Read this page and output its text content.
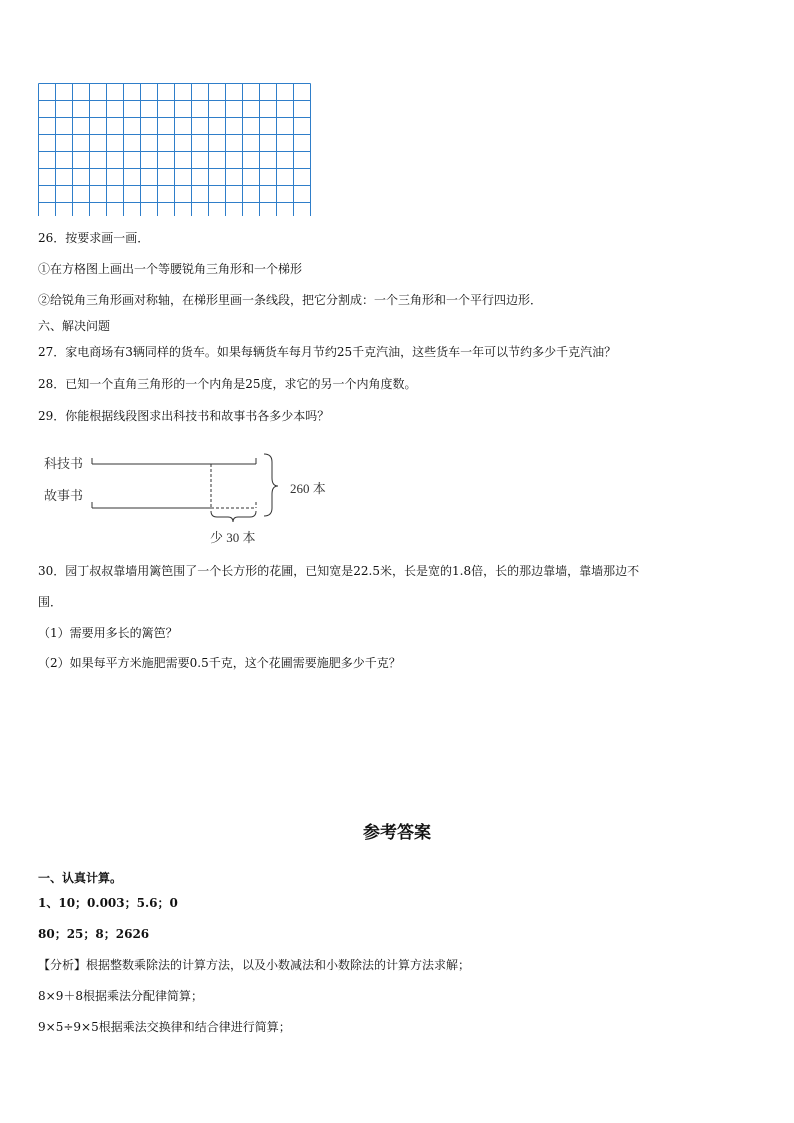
26．按要求画一画．
①在方格图上画出一个等腰锐角三角形和一个梯形
②给锐角三角形画对称轴，在梯形里画一条线段，把它分割成：一个三角形和一个平行四边形．
六、解决问题
27．家电商场有3辆同样的货车。如果每辆货车每月节约25千克汽油，这些货车一年可以节约多少千克汽油？
28．已知一个直角三角形的一个内角是25度，求它的另一个内角度数。
29．你能根据线段图求出科技书和故事书各多少本吗？
科技书
故事书	260 本
少 30 本
30．园丁叔叔靠墙用篱笆围了一个长方形的花圃，已知宽是22.5米，长是宽的1.8倍，长的那边靠墙，靠墙那边不
围．
（1）需要用多长的篱笆？
（2）如果每平方米施肥需要0.5千克，这个花圃需要施肥多少千克？
参考答案
一、认真计算。
1、10；0.003；5.6；0
80；25；8；2626
【分析】根据整数乘除法的计算方法，以及小数减法和小数除法的计算方法求解；
8×9＋8根据乘法分配律简算；
9×5÷9×5根据乘法交换律和结合律进行简算；
